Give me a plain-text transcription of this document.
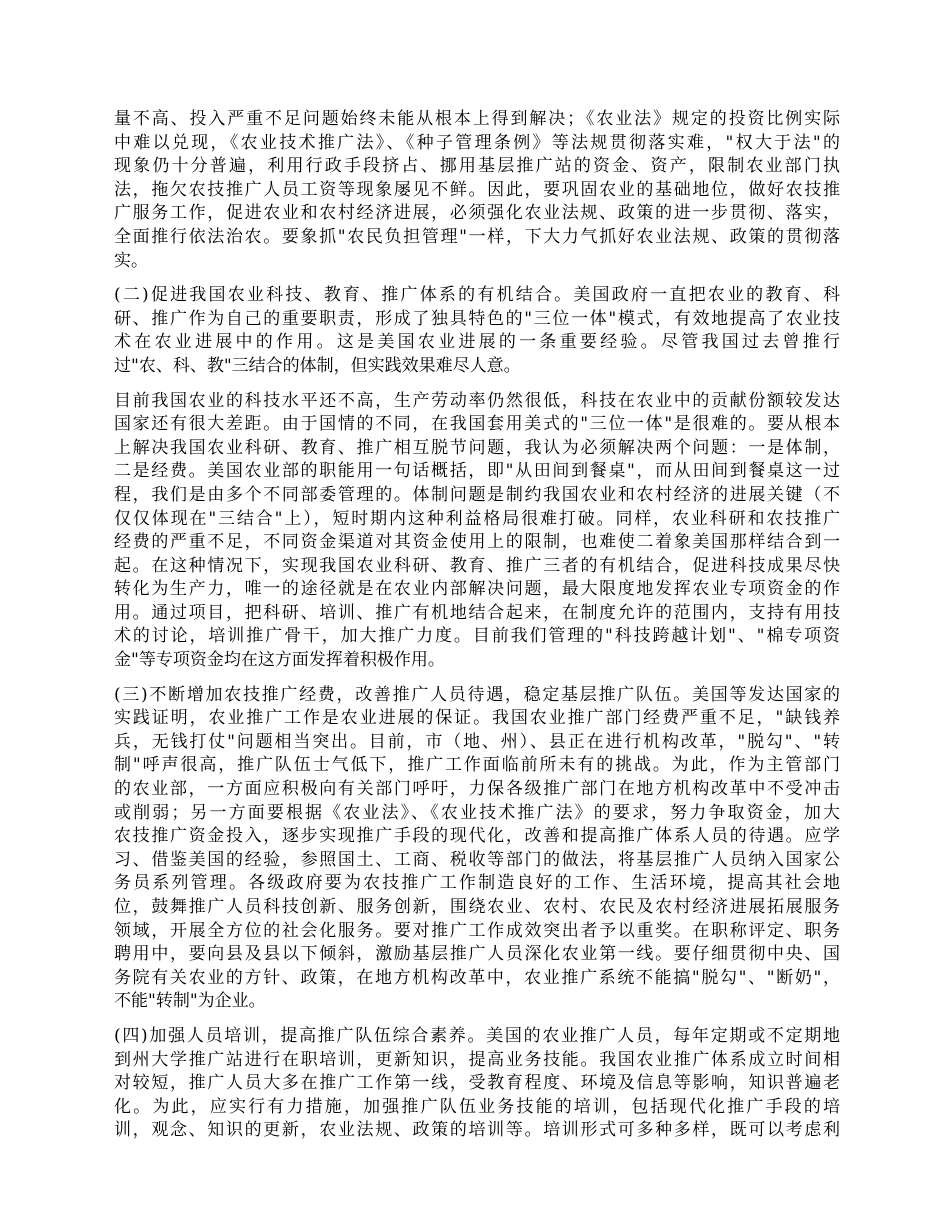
量不高、投入严重不足问题始终未能从根本上得到解决；《农业法》规定的投资比例实际
中难以兑现，《农业技术推广法》、《种子管理条例》等法规贯彻落实难，"权大于法"的
现象仍十分普遍，利用行政手段挤占、挪用基层推广站的资金、资产，限制农业部门执
法，拖欠农技推广人员工资等现象屡见不鲜。因此，要巩固农业的基础地位，做好农技推
广服务工作，促进农业和农村经济进展，必须强化农业法规、政策的进一步贯彻、落实，
全面推行依法治农。要象抓"农民负担管理"一样，下大力气抓好农业法规、政策的贯彻落
实。
(二)促进我国农业科技、教育、推广体系的有机结合。美国政府一直把农业的教育、科
研、推广作为自己的重要职责，形成了独具特色的"三位一体"模式，有效地提高了农业技
术在农业进展中的作用。这是美国农业进展的一条重要经验。尽管我国过去曾推行
过"农、科、教"三结合的体制，但实践效果难尽人意。
目前我国农业的科技水平还不高，生产劳动率仍然很低，科技在农业中的贡献份额较发达
国家还有很大差距。由于国情的不同，在我国套用美式的"三位一体"是很难的。要从根本
上解决我国农业科研、教育、推广相互脱节问题，我认为必须解决两个问题：一是体制，
二是经费。美国农业部的职能用一句话概括，即"从田间到餐桌"，而从田间到餐桌这一过
程，我们是由多个不同部委管理的。体制问题是制约我国农业和农村经济的进展关键（不
仅仅体现在"三结合"上），短时期内这种利益格局很难打破。同样，农业科研和农技推广
经费的严重不足，不同资金渠道对其资金使用上的限制，也难使二着象美国那样结合到一
起。在这种情况下，实现我国农业科研、教育、推广三者的有机结合，促进科技成果尽快
转化为生产力，唯一的途径就是在农业内部解决问题，最大限度地发挥农业专项资金的作
用。通过项目，把科研、培训、推广有机地结合起来，在制度允许的范围内，支持有用技
术的讨论，培训推广骨干，加大推广力度。目前我们管理的"科技跨越计划"、"棉专项资
金"等专项资金均在这方面发挥着积极作用。
(三)不断增加农技推广经费，改善推广人员待遇，稳定基层推广队伍。美国等发达国家的
实践证明，农业推广工作是农业进展的保证。我国农业推广部门经费严重不足，"缺钱养
兵，无钱打仗"问题相当突出。目前，市（地、州）、县正在进行机构改革，"脱勾"、"转
制"呼声很高，推广队伍士气低下，推广工作面临前所未有的挑战。为此，作为主管部门
的农业部，一方面应积极向有关部门呼吁，力保各级推广部门在地方机构改革中不受冲击
或削弱；另一方面要根据《农业法》、《农业技术推广法》的要求，努力争取资金，加大
农技推广资金投入，逐步实现推广手段的现代化，改善和提高推广体系人员的待遇。应学
习、借鉴美国的经验，参照国土、工商、税收等部门的做法，将基层推广人员纳入国家公
务员系列管理。各级政府要为农技推广工作制造良好的工作、生活环境，提高其社会地
位，鼓舞推广人员科技创新、服务创新，围绕农业、农村、农民及农村经济进展拓展服务
领域，开展全方位的社会化服务。要对推广工作成效突出者予以重奖。在职称评定、职务
聘用中，要向县及县以下倾斜，激励基层推广人员深化农业第一线。要仔细贯彻中央、国
务院有关农业的方针、政策，在地方机构改革中，农业推广系统不能搞"脱勾"、"断奶"，
不能"转制"为企业。
(四)加强人员培训，提高推广队伍综合素养。美国的农业推广人员，每年定期或不定期地
到州大学推广站进行在职培训，更新知识，提高业务技能。我国农业推广体系成立时间相
对较短，推广人员大多在推广工作第一线，受教育程度、环境及信息等影响，知识普遍老
化。为此，应实行有力措施，加强推广队伍业务技能的培训，包括现代化推广手段的培
训，观念、知识的更新，农业法规、政策的培训等。培训形式可多种多样，既可以考虑利
